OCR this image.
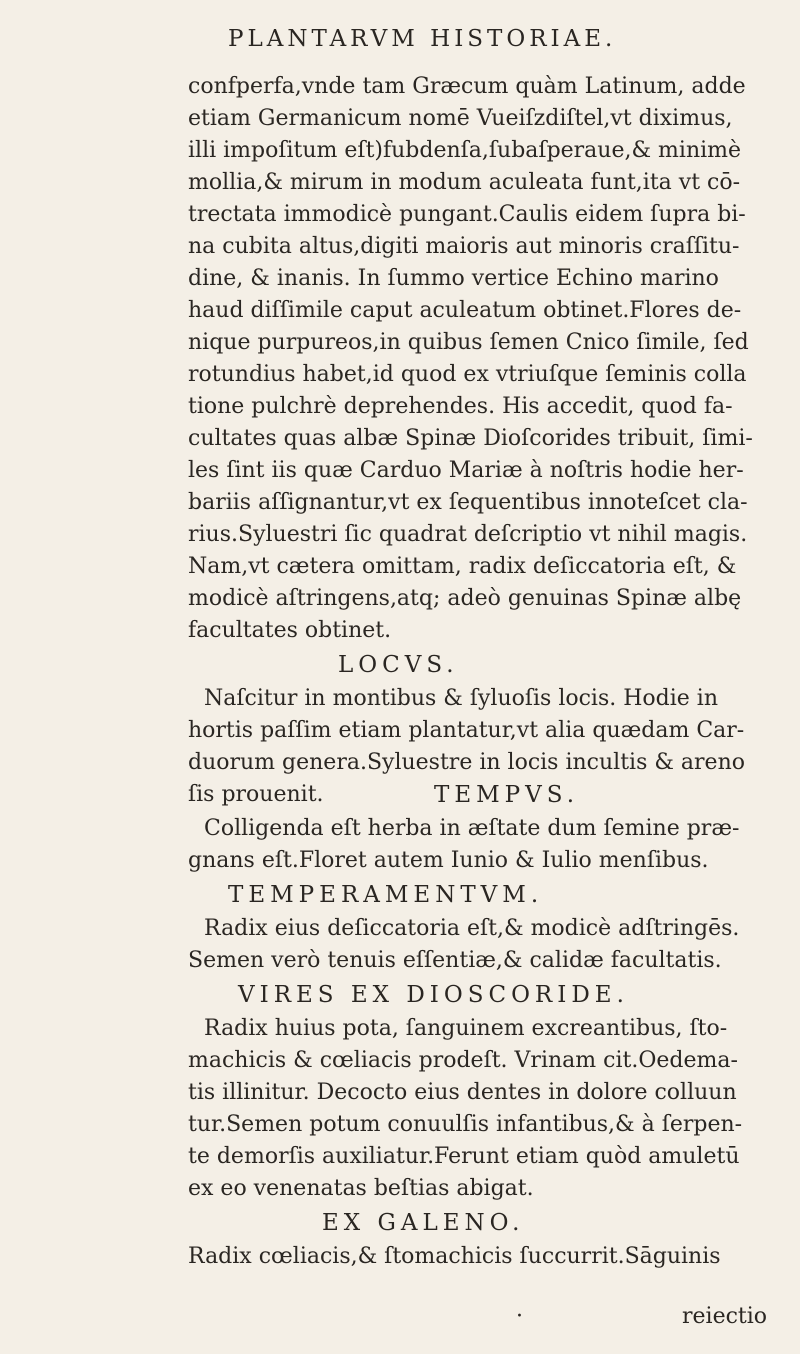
PLANTARVM HISTORIAE.
confperfa,vnde tam Græcum quàm Latinum, adde
etiam Germanicum nomē Vueiſzdiſtel,vt diximus,
illi impoſitum eſt)fubdenſa,ſubaſperaue,& minimè
mollia,& mirum in modum aculeata funt,ita vt cō-
trectata immodicè pungant.Caulis eidem ſupra bi-
na cubita altus,digiti maioris aut minoris craſſitu-
dine, & inanis. In ſummo vertice Echino marino
haud diſſimile caput aculeatum obtinet.Flores de-
nique purpureos,in quibus ſemen Cnico ſimile, ſed
rotundius habet,id quod ex vtriuſque ſeminis colla
tione pulchrè deprehendes. His accedit, quod fa-
cultates quas albæ Spinæ Dioſcorides tribuit, ſimi-
les ſint iis quæ Carduo Mariæ à noſtris hodie her-
bariis aſſignantur,vt ex ſequentibus innoteſcet cla-
rius.Syluestri ſic quadrat deſcriptio vt nihil magis.
Nam,vt cætera omittam, radix deſiccatoria eſt, &
modicè aſtringens,atq; adeò genuinas Spinæ albę
facultates obtinet.
LOCVS.
Naſcitur in montibus & ſyluoſis locis. Hodie in
hortis paſſim etiam plantatur,vt alia quædam Car-
duorum genera.Syluestre in locis incultis & areno
ſis prouenit.	TEMPVS.
Colligenda eſt herba in æſtate dum ſemine præ-
gnans eſt.Floret autem Iunio & Iulio menſibus.
TEMPERAMENTVM.
Radix eius deſiccatoria eſt,& modicè adſtringēs.
Semen verò tenuis eſſentiæ,& calidæ facultatis.
VIRES EX DIOSCORIDE.
Radix huius pota, ſanguinem excreantibus, ſto-
machicis & cœliacis prodeſt. Vrinam cit.Oedema-
tis illinitur. Decocto eius dentes in dolore colluun
tur.Semen potum conuulſis infantibus,& à ſerpen-
te demorſis auxiliatur.Ferunt etiam quòd amuletū
ex eo venenatas beſtias abigat.
EX GALENO.
Radix cœliacis,& ſtomachicis ſuccurrit.Sāguinis
·	reiectio
